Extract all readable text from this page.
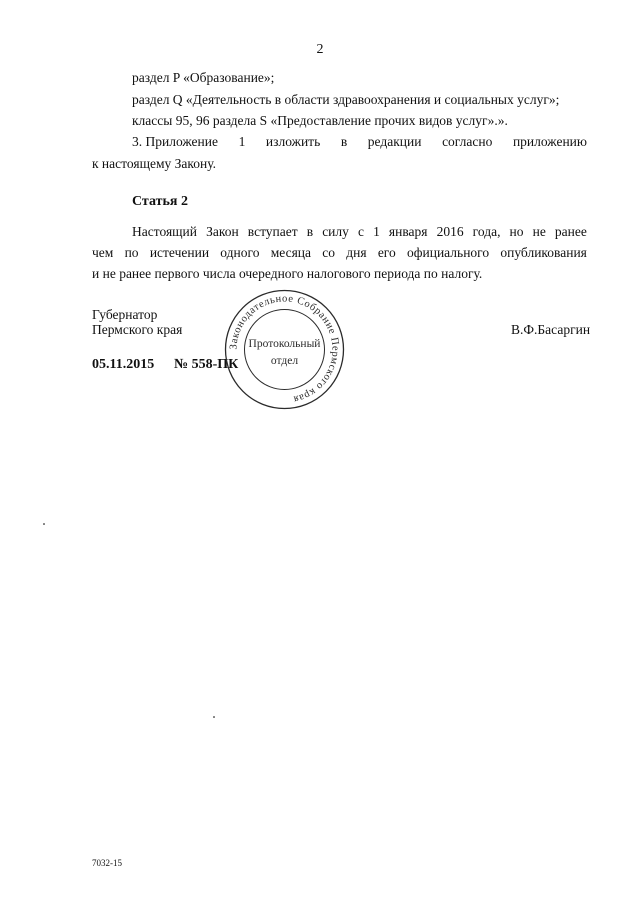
2
раздел P «Образование»;
раздел Q «Деятельность в области здравоохранения и социальных услуг»;
классы 95, 96 раздела S «Предоставление прочих видов услуг».».
3. Приложение 1 изложить в редакции согласно приложению
к настоящему Закону.
Статья 2
Настоящий Закон вступает в силу с 1 января 2016 года, но не ранее
чем по истечении одного месяца со дня его официального опубликования
и не ранее первого числа очередного налогового периода по налогу.
Губернатор
Пермского края	В.Ф.Басаргин
05.11.2015 № 558-ПК
Законодательное Собрание Пермского края
Протокольный
отдел
7032-15
